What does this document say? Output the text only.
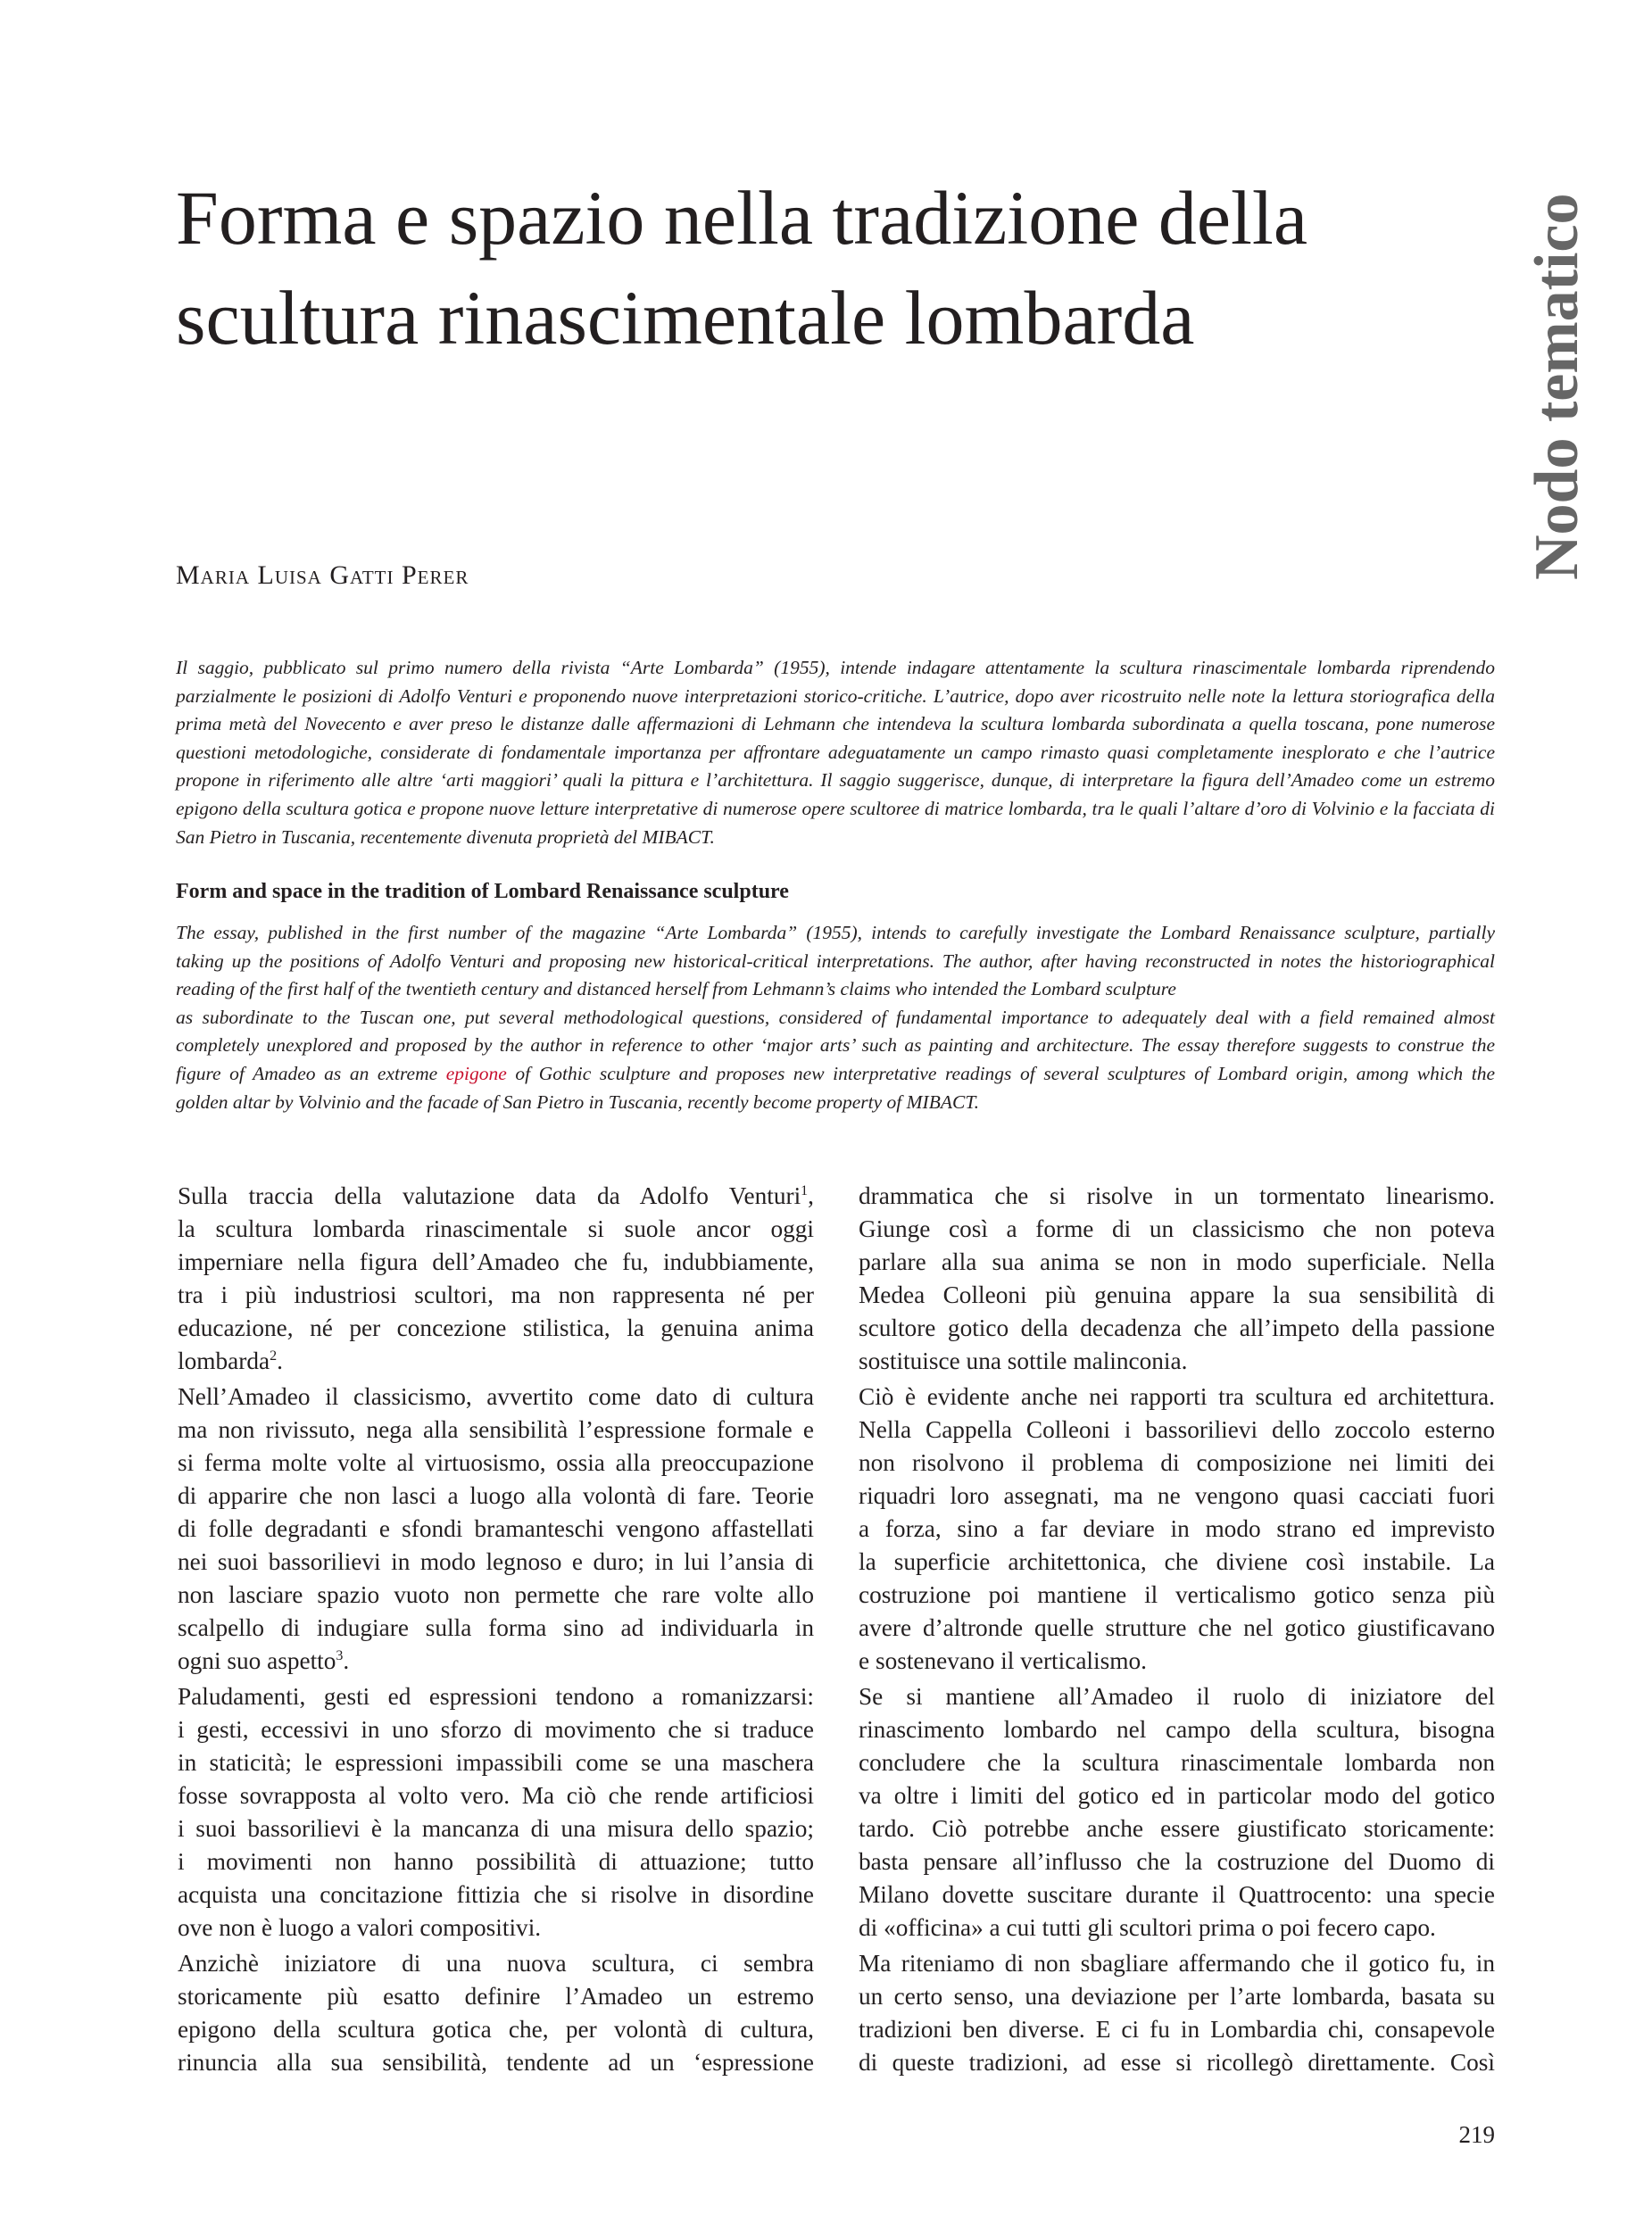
Forma e spazio nella tradizione della
scultura rinascimentale lombarda	Nodo tematico
Maria Luisa Gatti Perer

Il saggio, pubblicato sul primo numero della rivista “Arte Lombarda” (1955), intende indagare attentamente la scultura rinascimentale lombarda riprendendo parzialmente le posizioni di Adolfo Venturi e proponendo nuove interpretazioni storico-critiche. L’autrice, dopo aver ricostruito nelle note la lettura storiografica della prima metà del Novecento e aver preso le distanze dalle affermazioni di Lehmann che intendeva la scultura lombarda subordinata a quella toscana, pone numerose questioni metodologiche, considerate di fondamentale importanza per affrontare adeguatamente un campo rimasto quasi completamente inesplorato e che l’autrice propone in riferimento alle altre ‘arti maggiori’ quali la pittura e l’architettura. Il saggio suggerisce, dunque, di interpretare la figura dell’Amadeo come un estremo epigono della scultura gotica e propone nuove letture interpretative di numerose opere scultoree di matrice lombarda, tra le quali l’altare d’oro di Volvinio e la facciata di San Pietro in Tuscania, recentemente divenuta proprietà del MIBACT.

Form and space in the tradition of Lombard Renaissance sculpture
The essay, published in the first number of the magazine “Arte Lombarda” (1955), intends to carefully investigate the Lombard Renaissance sculpture, partially
taking up the positions of Adolfo Venturi and proposing new historical-critical interpretations. The author, after having reconstructed in notes the historiographical
reading of the first half of the twentieth century and distanced herself from Lehmann’s claims who intended the Lombard sculpture
as subordinate to the Tuscan one, put several methodological questions, considered of fundamental importance to adequately deal with a field remained almost
completely unexplored and proposed by the author in reference to other ‘major arts’ such as painting and architecture. The essay therefore suggests to construe the
figure of Amadeo as an extreme epigone of Gothic sculpture and proposes new interpretative readings of several sculptures of Lombard origin, among which the
golden altar by Volvinio and the facade of San Pietro in Tuscania, recently become property of MIBACT.

Sulla traccia della valutazione data da Adolfo Venturi$^1$,
la scultura lombarda rinascimentale si suole ancor oggi
imperniare nella figura dell’Amadeo che fu, indubbiamente,
tra i più industriosi scultori, ma non rappresenta né per
educazione, né per concezione stilistica, la genuina anima
lombarda$^2$.

Nell’Amadeo il classicismo, avvertito come dato di cultura
ma non rivissuto, nega alla sensibilità l’espressione formale e
si ferma molte volte al virtuosismo, ossia alla preoccupazione
di apparire che non lasci a luogo alla volontà di fare. Teorie
di folle degradanti e sfondi bramanteschi vengono affastellati
nei suoi bassorilievi in modo legnoso e duro; in lui l’ansia di
non lasciare spazio vuoto non permette che rare volte allo
scalpello di indugiare sulla forma sino ad individuarla in
ogni suo aspetto$^3$.

Paludamenti, gesti ed espressioni tendono a romanizzarsi:
i gesti, eccessivi in uno sforzo di movimento che si traduce
in staticità; le espressioni impassibili come se una maschera
fosse sovrapposta al volto vero. Ma ciò che rende artificiosi
i suoi bassorilievi è la mancanza di una misura dello spazio;
i movimenti non hanno possibilità di attuazione; tutto
acquista una concitazione fittizia che si risolve in disordine
ove non è luogo a valori compositivi.

Anzichè iniziatore di una nuova scultura, ci sembra
storicamente più esatto definire l’Amadeo un estremo
epigono della scultura gotica che, per volontà di cultura,
rinuncia alla sua sensibilità, tendente ad un ‘espressione

drammatica che si risolve in un tormentato linearismo.
Giunge così a forme di un classicismo che non poteva
parlare alla sua anima se non in modo superficiale. Nella
Medea Colleoni più genuina appare la sua sensibilità di
scultore gotico della decadenza che all’impeto della passione
sostituisce una sottile malinconia.

Ciò è evidente anche nei rapporti tra scultura ed architettura.
Nella Cappella Colleoni i bassorilievi dello zoccolo esterno
non risolvono il problema di composizione nei limiti dei
riquadri loro assegnati, ma ne vengono quasi cacciati fuori
a forza, sino a far deviare in modo strano ed imprevisto
la superficie architettonica, che diviene così instabile. La
costruzione poi mantiene il verticalismo gotico senza più
avere d’altronde quelle strutture che nel gotico giustificavano
e sostenevano il verticalismo.

Se si mantiene all’Amadeo il ruolo di iniziatore del
rinascimento lombardo nel campo della scultura, bisogna
concludere che la scultura rinascimentale lombarda non
va oltre i limiti del gotico ed in particolar modo del gotico
tardo. Ciò potrebbe anche essere giustificato storicamente:
basta pensare all’influsso che la costruzione del Duomo di
Milano dovette suscitare durante il Quattrocento: una specie
di «officina» a cui tutti gli scultori prima o poi fecero capo.

Ma riteniamo di non sbagliare affermando che il gotico fu, in
un certo senso, una deviazione per l’arte lombarda, basata su
tradizioni ben diverse. E ci fu in Lombardia chi, consapevole
di queste tradizioni, ad esse si ricollegò direttamente. Così

219
